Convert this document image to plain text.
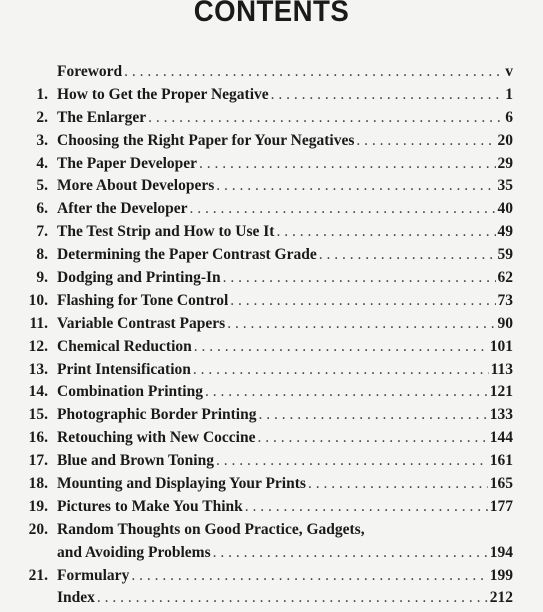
CONTENTS
Foreword . . .	v
1. How to Get the Proper Negative . . .	1
2. The Enlarger . . .	6
3. Choosing the Right Paper for Your Negatives . . .	20
4. The Paper Developer . . .	29
5. More About Developers . . .	35
6. After the Developer . . .	40
7. The Test Strip and How to Use It . . .	49
8. Determining the Paper Contrast Grade . . .	59
9. Dodging and Printing-In . . .	62
10. Flashing for Tone Control . . .	73
11. Variable Contrast Papers . . .	90
12. Chemical Reduction . . .	101
13. Print Intensification . . .	113
14. Combination Printing . . .	121
15. Photographic Border Printing . . .	133
16. Retouching with New Coccine . . .	144
17. Blue and Brown Toning . . .	161
18. Mounting and Displaying Your Prints . . .	165
19. Pictures to Make You Think . . .	177
20. Random Thoughts on Good Practice, Gadgets,
and Avoiding Problems . . .	194
21. Formulary . . .	199
Index . . .	212
